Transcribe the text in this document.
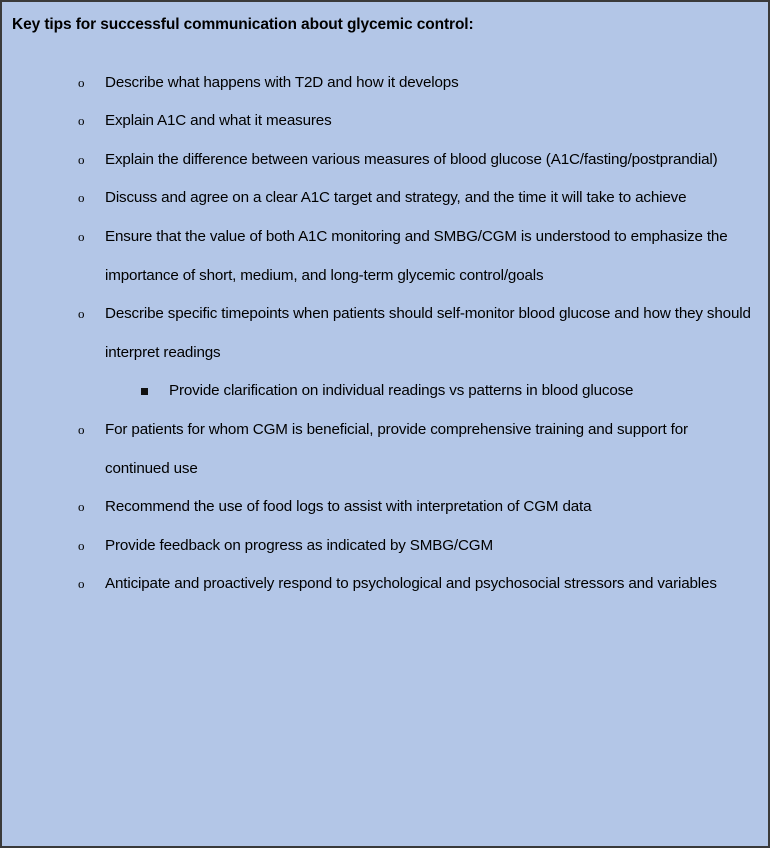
Key tips for successful communication about glycemic control:
o	Describe what happens with T2D and how it develops
o	Explain A1C and what it measures
o	Explain the difference between various measures of blood glucose (A1C/fasting/postprandial)
o	Discuss and agree on a clear A1C target and strategy, and the time it will take to achieve
o	Ensure that the value of both A1C monitoring and SMBG/CGM is understood to emphasize the importance of short, medium, and long-term glycemic control/goals
o	Describe specific timepoints when patients should self-monitor blood glucose and how they should interpret readings
Provide clarification on individual readings vs patterns in blood glucose
o	For patients for whom CGM is beneficial, provide comprehensive training and support for continued use
o	Recommend the use of food logs to assist with interpretation of CGM data
o	Provide feedback on progress as indicated by SMBG/CGM
o	Anticipate and proactively respond to psychological and psychosocial stressors and variables
